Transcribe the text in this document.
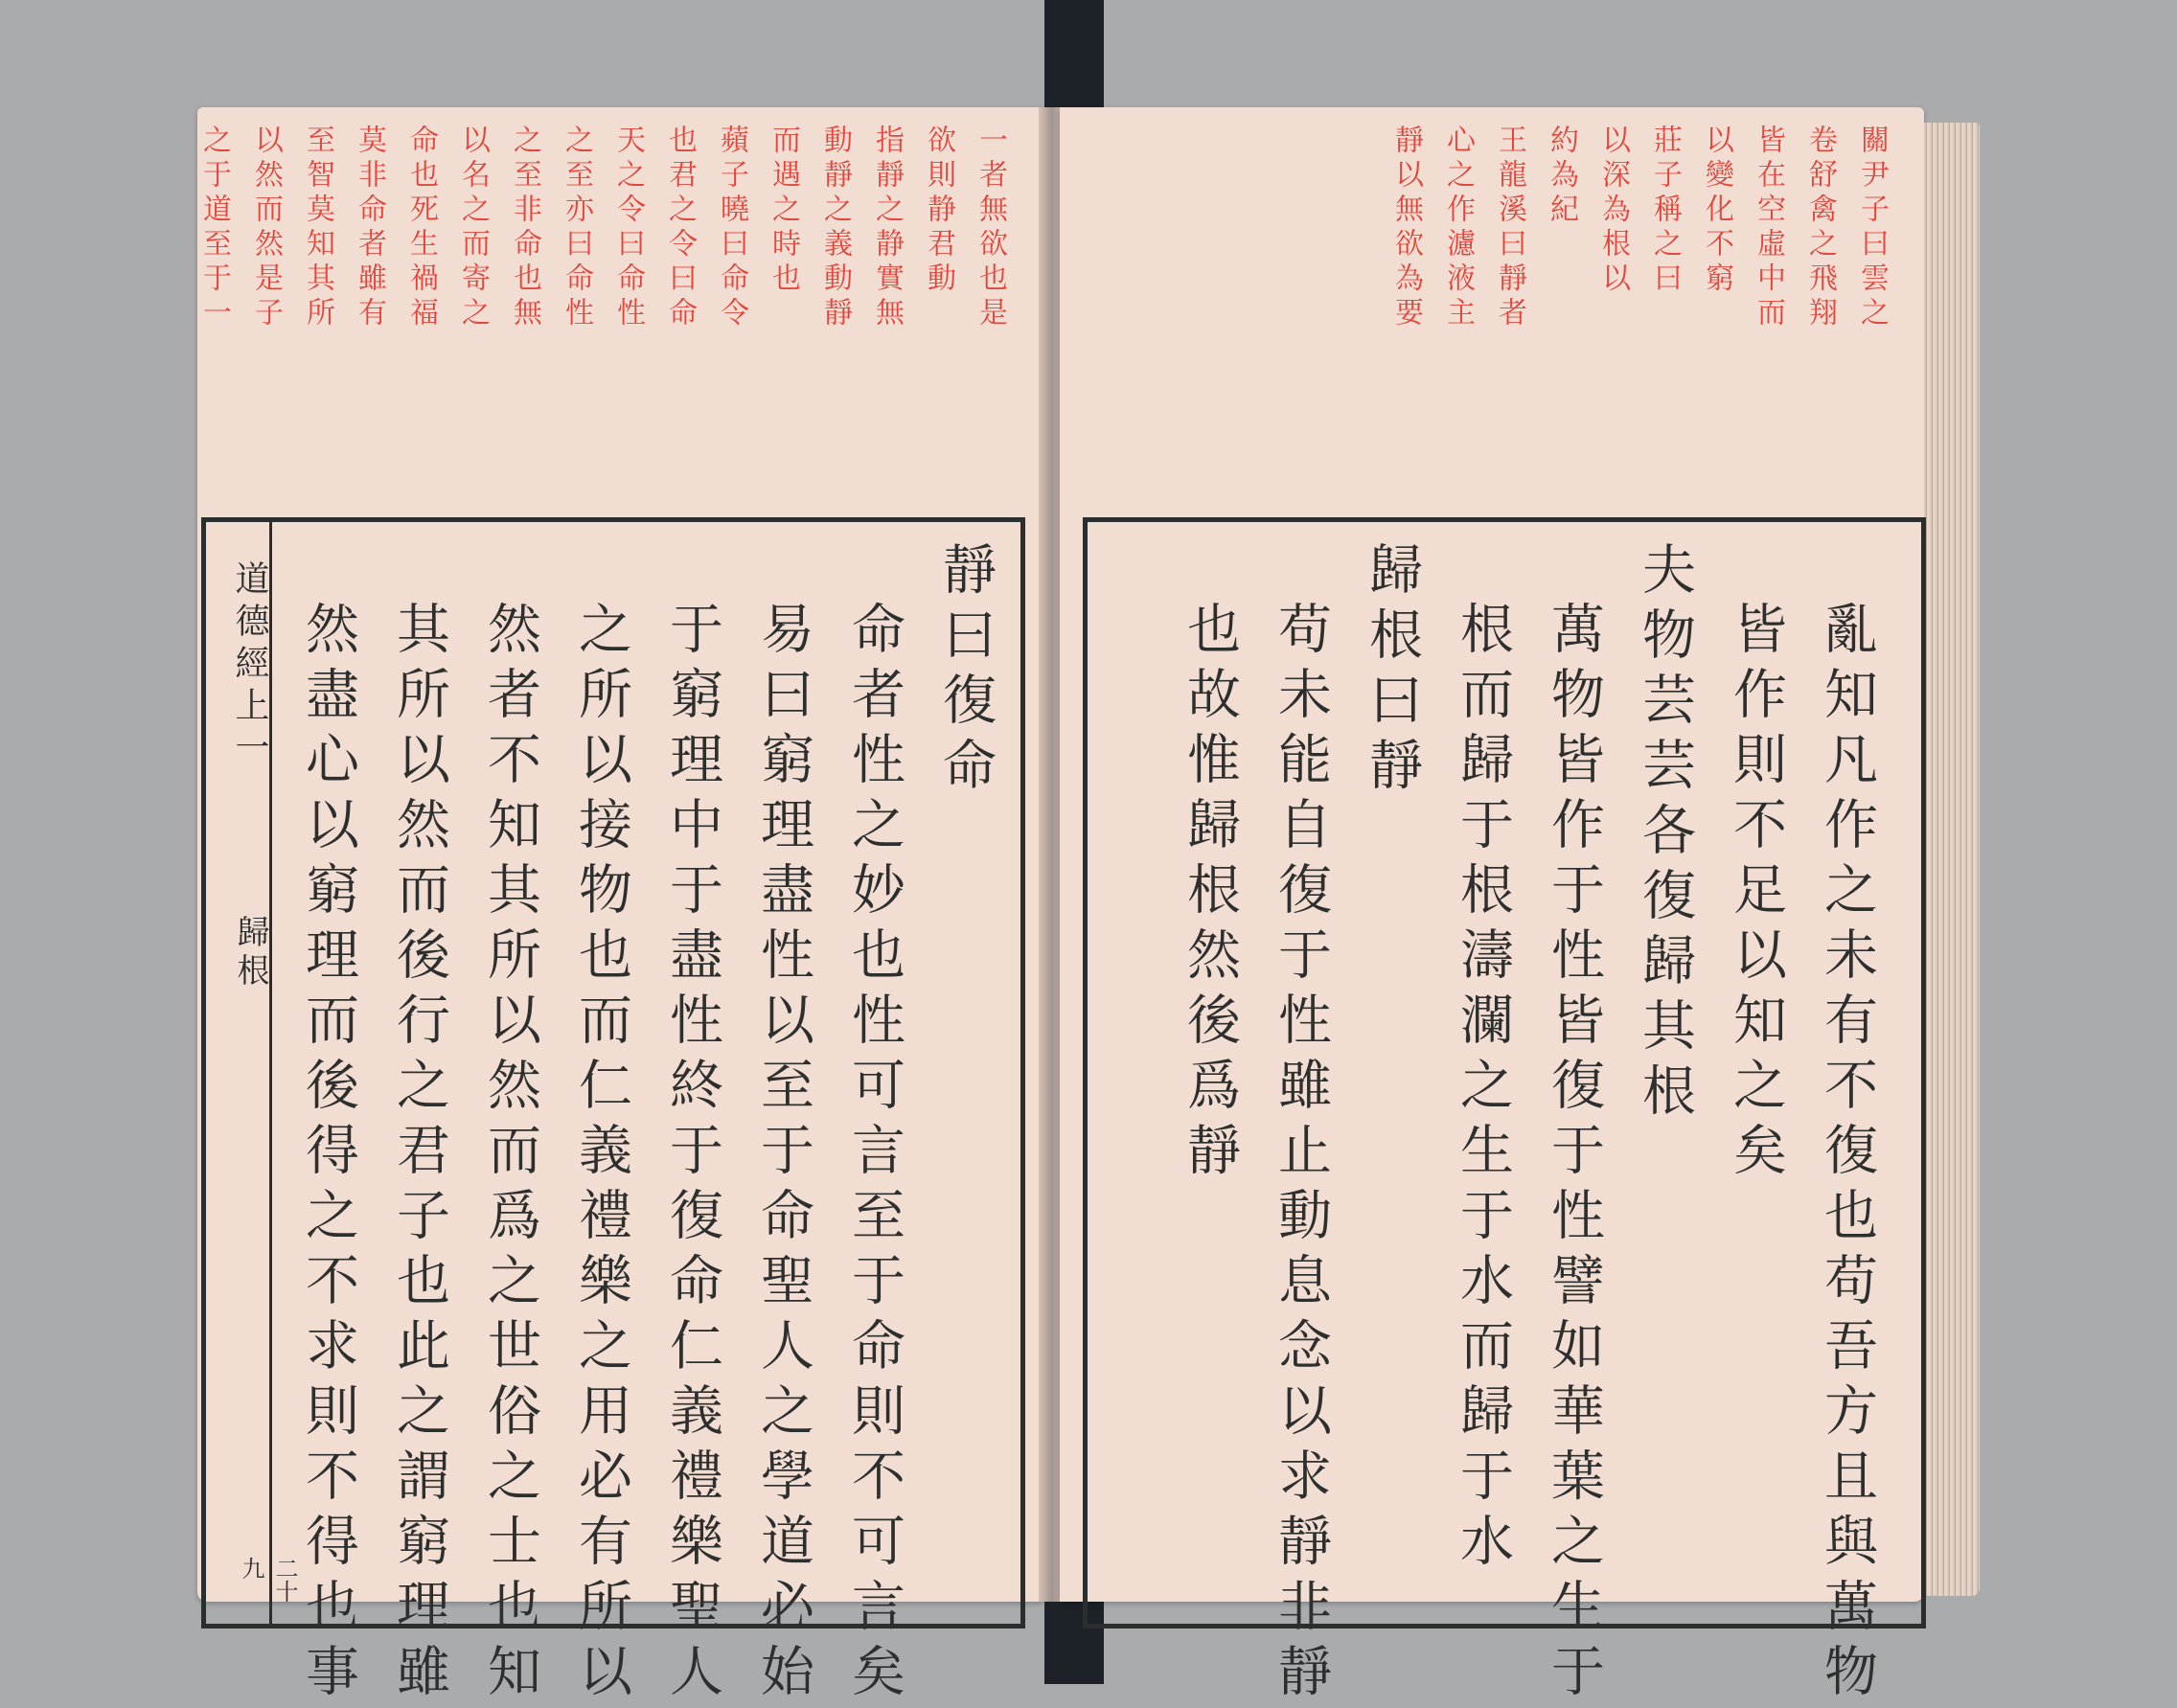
一者無欲也是
欲則静君動
指靜之静實無
動靜之義動靜
而遇之時也
蘋子曉曰命令
也君之令曰命
天之令曰命性
之至亦曰命性
之至非命也無
以名之而寄之
命也死生禍福
莫非命者雖有
至智莫知其所
以然而然是子
之于道至于一	關尹子曰雲之
卷舒禽之飛翔
皆在空虛中而
以變化不窮
莊子稱之曰
以深為根以
約為紀
王龍溪曰靜者
心之作濾液主
靜以無欲為要
道德經上一
歸根
二十九
靜曰復命
命者性之妙也性可言至于命則不可言矣
易曰窮理盡性以至于命聖人之學道必始
于窮理中于盡性終于復命仁義禮樂聖人
之所以接物也而仁義禮樂之用必有所以
然者不知其所以然而爲之世俗之士也知
其所以然而後行之君子也此之謂窮理雖
然盡心以窮理而後得之不求則不得也事	亂知凡作之未有不復也苟吾方且與萬物
皆作則不足以知之矣
夫物芸芸各復歸其根
萬物皆作于性皆復于性譬如華葉之生于
根而歸于根濤瀾之生于水而歸于水
歸根曰靜
苟未能自復于性雖止動息念以求靜非靜
也故惟歸根然後爲靜
